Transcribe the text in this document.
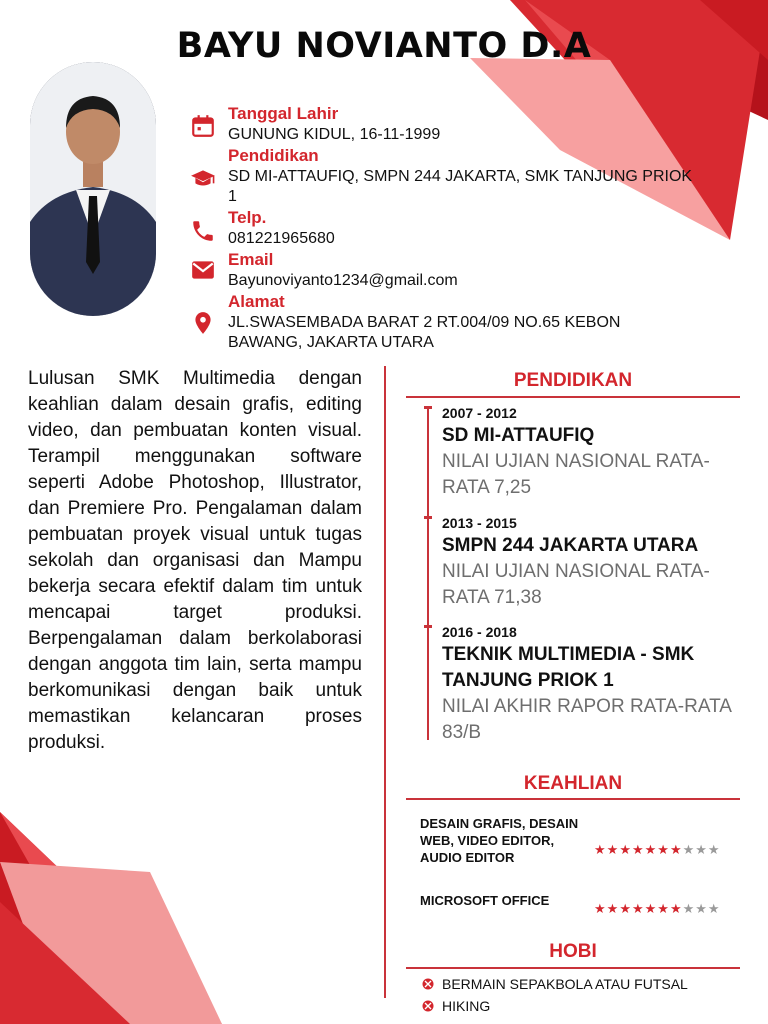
BAYU NOVIANTO D.A
Tanggal Lahir
GUNUNG KIDUL, 16-11-1999
Pendidikan
SD MI-ATTAUFIQ, SMPN 244 JAKARTA, SMK TANJUNG PRIOK 1
Telp.
081221965680
Email
Bayunoviyanto1234@gmail.com
Alamat
JL.SWASEMBADA BARAT 2 RT.004/09 NO.65 KEBON BAWANG, JAKARTA UTARA
Lulusan SMK Multimedia dengan keahlian dalam desain grafis, editing video, dan pembuatan konten visual. Terampil menggunakan software seperti Adobe Photoshop, Illustrator, dan Premiere Pro. Pengalaman dalam pembuatan proyek visual untuk tugas sekolah dan organisasi dan Mampu bekerja secara efektif dalam tim untuk mencapai target produksi. Berpengalaman dalam berkolaborasi dengan anggota tim lain, serta mampu berkomunikasi dengan baik untuk memastikan kelancaran proses produksi.
PENDIDIKAN
2007 - 2012
SD MI-ATTAUFIQ
NILAI UJIAN NASIONAL RATA-RATA 7,25
2013 - 2015
SMPN 244 JAKARTA UTARA
NILAI UJIAN NASIONAL RATA-RATA 71,38
2016 - 2018
TEKNIK MULTIMEDIA - SMK TANJUNG PRIOK 1
NILAI AKHIR RAPOR RATA-RATA 83/B
KEAHLIAN
DESAIN GRAFIS, DESAIN WEB, VIDEO EDITOR, AUDIO EDITOR
★★★★★★★★★★
MICROSOFT OFFICE
★★★★★★★★★★
HOBI
BERMAIN SEPAKBOLA ATAU FUTSAL
HIKING
